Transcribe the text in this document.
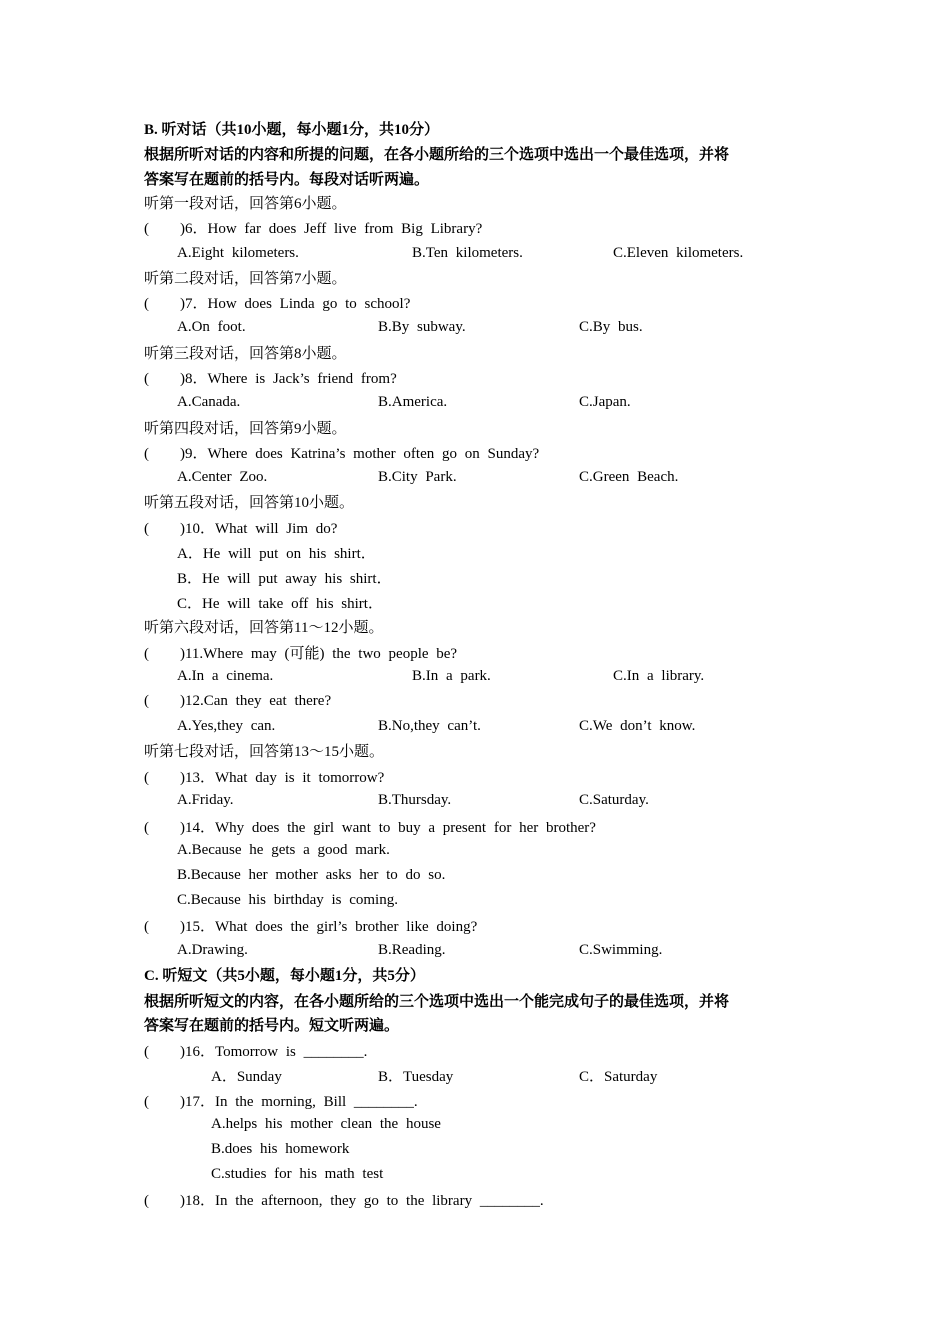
B. 听对话（共10小题，每小题1分，共10分）
根据所听对话的内容和所提的问题，在各小题所给的三个选项中选出一个最佳选项，并将
答案写在题前的括号内。每段对话听两遍。
听第一段对话，回答第6小题。
(    )6．How far does Jeff live from Big Library?
A.Eight kilometers.	B.Ten kilometers.	C.Eleven kilometers.
听第二段对话，回答第7小题。
(    )7．How does Linda go to school?
A.On foot.	B.By subway.	C.By bus.
听第三段对话，回答第8小题。
(    )8．Where is Jack’s friend from?
A.Canada.	B.America.	C.Japan.
听第四段对话，回答第9小题。
(    )9．Where does Katrina’s mother often go on Sunday?
A.Center Zoo.	B.City Park.	C.Green Beach.
听第五段对话，回答第10小题。
(    )10．What will Jim do?
A．He will put on his shirt．
B．He will put away his shirt．
C．He will take off his shirt．
听第六段对话，回答第11～12小题。
(    )11.Where may (可能) the two people be?
A.In a cinema.	B.In a park.	C.In a library.
(    )12.Can they eat there?
A.Yes,they can.	B.No,they can’t.	C.We don’t know.
听第七段对话，回答第13～15小题。
(    )13．What day is it tomorrow?
A.Friday.	B.Thursday.	C.Saturday.
(    )14．Why does the girl want to buy a present for her brother?
A.Because he gets a good mark.
B.Because her mother asks her to do so.
C.Because his birthday is coming.
(    )15．What does the girl’s brother like doing?
A.Drawing.	B.Reading.	C.Swimming.
C. 听短文（共5小题，每小题1分，共5分）
根据所听短文的内容，在各小题所给的三个选项中选出一个能完成句子的最佳选项，并将
答案写在题前的括号内。短文听两遍。
(    )16．Tomorrow is ________.
A．Sunday	B．Tuesday	C．Saturday
(    )17．In the morning, Bill ________.
A.helps his mother clean the house
B.does his homework
C.studies for his math test
(    )18．In the afternoon, they go to the library ________.
